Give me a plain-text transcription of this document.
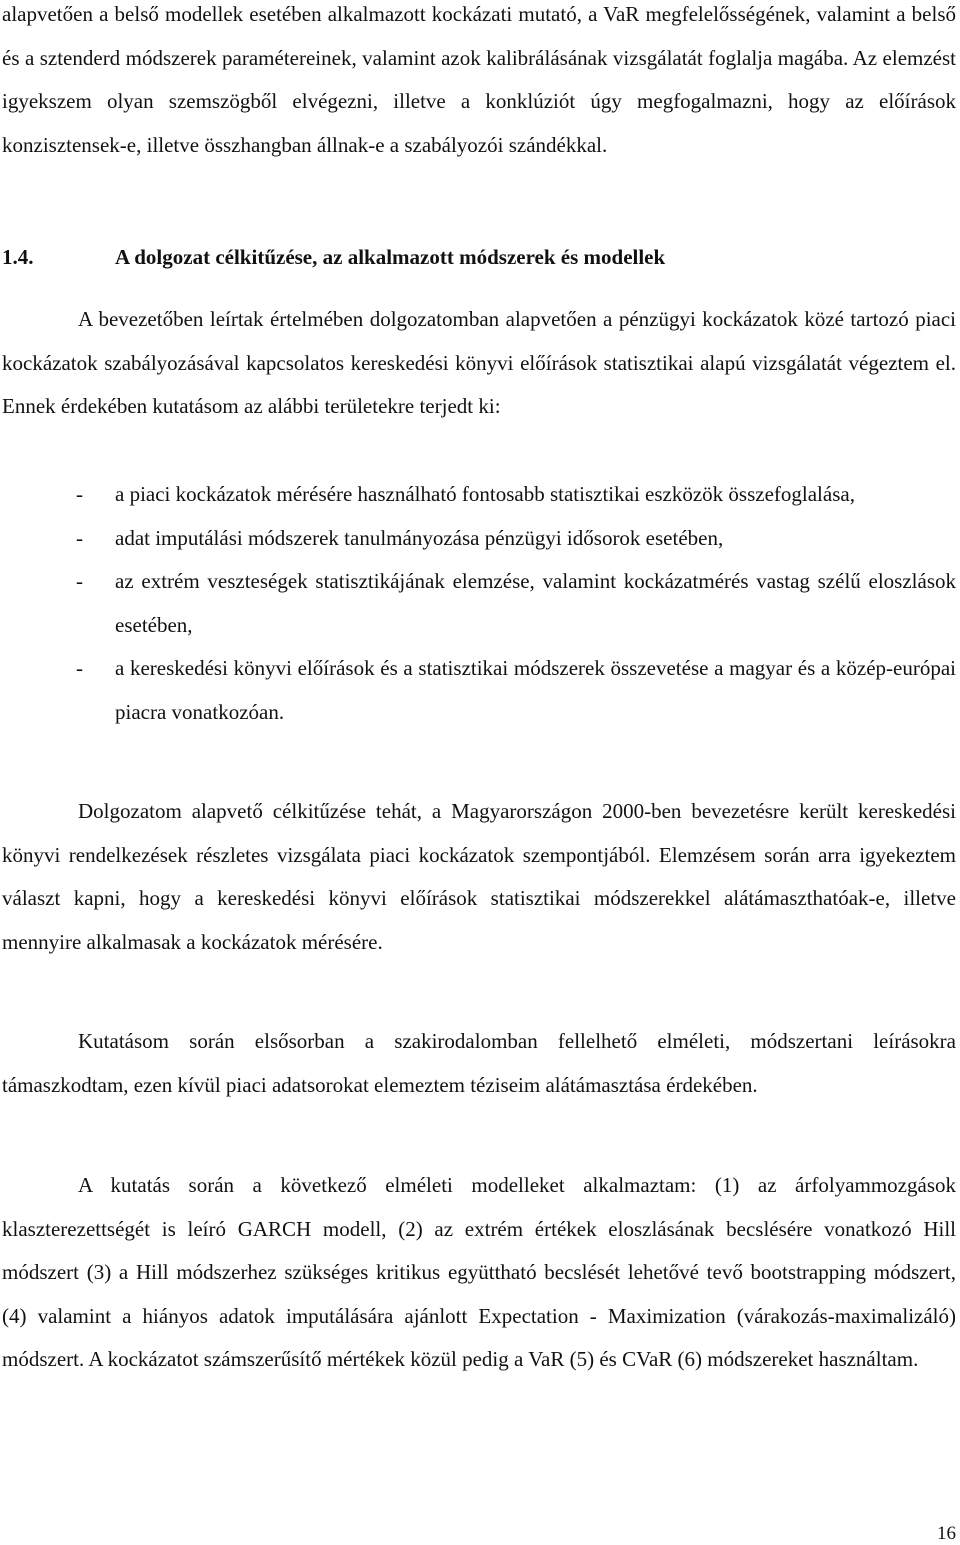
alapvetően a belső modellek esetében alkalmazott kockázati mutató, a VaR megfelelősségének, valamint a belső és a sztenderd módszerek paramétereinek, valamint azok kalibrálásának vizsgálatát foglalja magába. Az elemzést igyekszem olyan szemszögből elvégezni, illetve a konklúziót úgy megfogalmazni, hogy az előírások konzisztensek-e, illetve összhangban állnak-e a szabályozói szándékkal.

1.4.	A dolgozat célkitűzése, az alkalmazott módszerek és modellek

A bevezetőben leírtak értelmében dolgozatomban alapvetően a pénzügyi kockázatok közé tartozó piaci kockázatok szabályozásával kapcsolatos kereskedési könyvi előírások statisztikai alapú vizsgálatát végeztem el. Ennek érdekében kutatásom az alábbi területekre terjedt ki:

- a piaci kockázatok mérésére használható fontosabb statisztikai eszközök összefoglalása,
- adat imputálási módszerek tanulmányozása pénzügyi idősorok esetében,
- az extrém veszteségek statisztikájának elemzése, valamint kockázatmérés vastag szélű eloszlások esetében,
- a kereskedési könyvi előírások és a statisztikai módszerek összevetése a magyar és a közép-európai piacra vonatkozóan.

Dolgozatom alapvető célkitűzése tehát, a Magyarországon 2000-ben bevezetésre került kereskedési könyvi rendelkezések részletes vizsgálata piaci kockázatok szempontjából. Elemzésem során arra igyekeztem választ kapni, hogy a kereskedési könyvi előírások statisztikai módszerekkel alátámaszthatóak-e, illetve mennyire alkalmasak a kockázatok mérésére.

Kutatásom során elsősorban a szakirodalomban fellelhető elméleti, módszertani leírásokra támaszkodtam, ezen kívül piaci adatsorokat elemeztem téziseim alátámasztása érdekében.

A kutatás során a következő elméleti modelleket alkalmaztam: (1) az árfolyammozgások klaszterezettségét is leíró GARCH modell, (2) az extrém értékek eloszlásának becslésére vonatkozó Hill módszert (3) a Hill módszerhez szükséges kritikus együttható becslését lehetővé tevő bootstrapping módszert, (4) valamint a hiányos adatok imputálására ajánlott Expectation - Maximization (várakozás-maximalizáló) módszert. A kockázatot számszerűsítő mértékek közül pedig a VaR (5) és CVaR (6) módszereket használtam.

16
